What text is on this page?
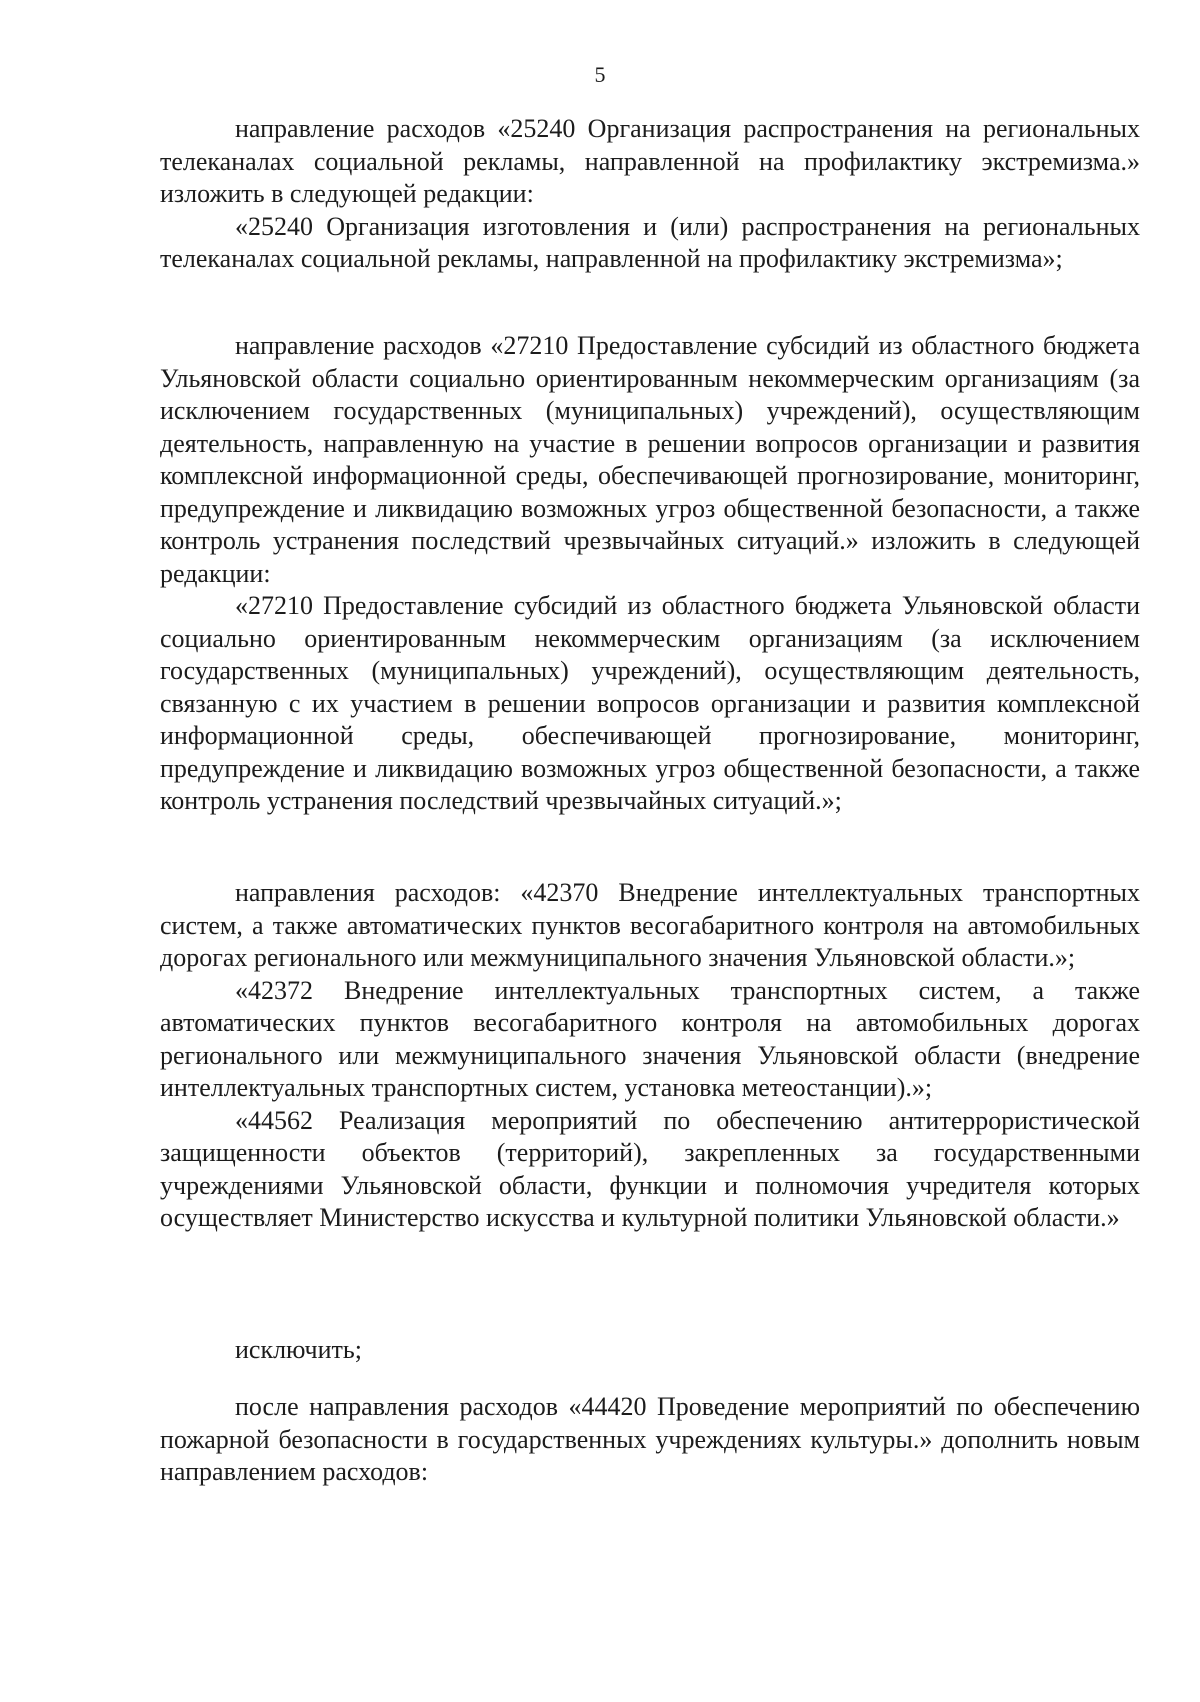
5

направление расходов «25240 Организация распространения на региональных телеканалах социальной рекламы, направленной на профилактику экстремизма.» изложить в следующей редакции:

«25240 Организация изготовления и (или) распространения на региональных телеканалах социальной рекламы, направленной на профилактику экстремизма»;

направление расходов «27210 Предоставление субсидий из областного бюджета Ульяновской области социально ориентированным некоммерческим организациям (за исключением государственных (муниципальных) учреждений), осуществляющим деятельность, направленную на участие в решении вопросов организации и развития комплексной информационной среды, обеспечивающей прогнозирование, мониторинг, предупреждение и ликвидацию возможных угроз общественной безопасности, а также контроль устранения последствий чрезвычайных ситуаций.» изложить в следующей редакции:

«27210 Предоставление субсидий из областного бюджета Ульяновской области социально ориентированным некоммерческим организациям (за исключением государственных (муниципальных) учреждений), осуществляющим деятельность, связанную с их участием в решении вопросов организации и развития комплексной информационной среды, обеспечивающей прогнозирование, мониторинг, предупреждение и ликвидацию возможных угроз общественной безопасности, а также контроль устранения последствий чрезвычайных ситуаций.»;

направления расходов: «42370 Внедрение интеллектуальных транспортных систем, а также автоматических пунктов весогабаритного контроля на автомобильных дорогах регионального или межмуниципального значения Ульяновской области.»;

«42372 Внедрение интеллектуальных транспортных систем, а также автоматических пунктов весогабаритного контроля на автомобильных дорогах регионального или межмуниципального значения Ульяновской области (внедрение интеллектуальных транспортных систем, установка метеостанции).»;

«44562 Реализация мероприятий по обеспечению антитеррористической защищенности объектов (территорий), закрепленных за государственными учреждениями Ульяновской области, функции и полномочия учредителя которых осуществляет Министерство искусства и культурной политики Ульяновской области.»

исключить;

после направления расходов «44420 Проведение мероприятий по обеспечению пожарной безопасности в государственных учреждениях культуры.» дополнить новым направлением расходов:
